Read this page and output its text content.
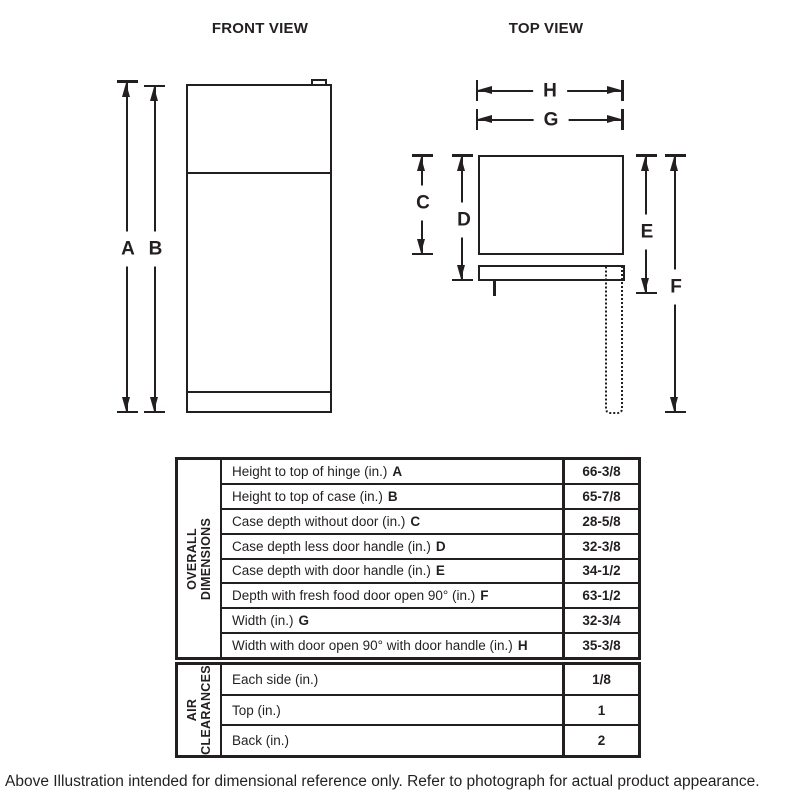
FRONT VIEW	TOP VIEW
A B
C
D
E
F
H
G
OVERALL DIMENSIONS
Height to top of hinge (in.) A	66-3/8
Height to top of case (in.) B	65-7/8
Case depth without door (in.) C	28-5/8
Case depth less door handle (in.) D	32-3/8
Case depth with door handle (in.) E	34-1/2
Depth with fresh food door open 90° (in.) F	63-1/2
Width (in.) G	32-3/4
Width with door open 90° with door handle (in.) H	35-3/8
AIR CLEARANCES	Each side (in.)	1/8
Top (in.)	1
Back (in.)	2
Above Illustration intended for dimensional reference only. Refer to photograph for actual product appearance.
